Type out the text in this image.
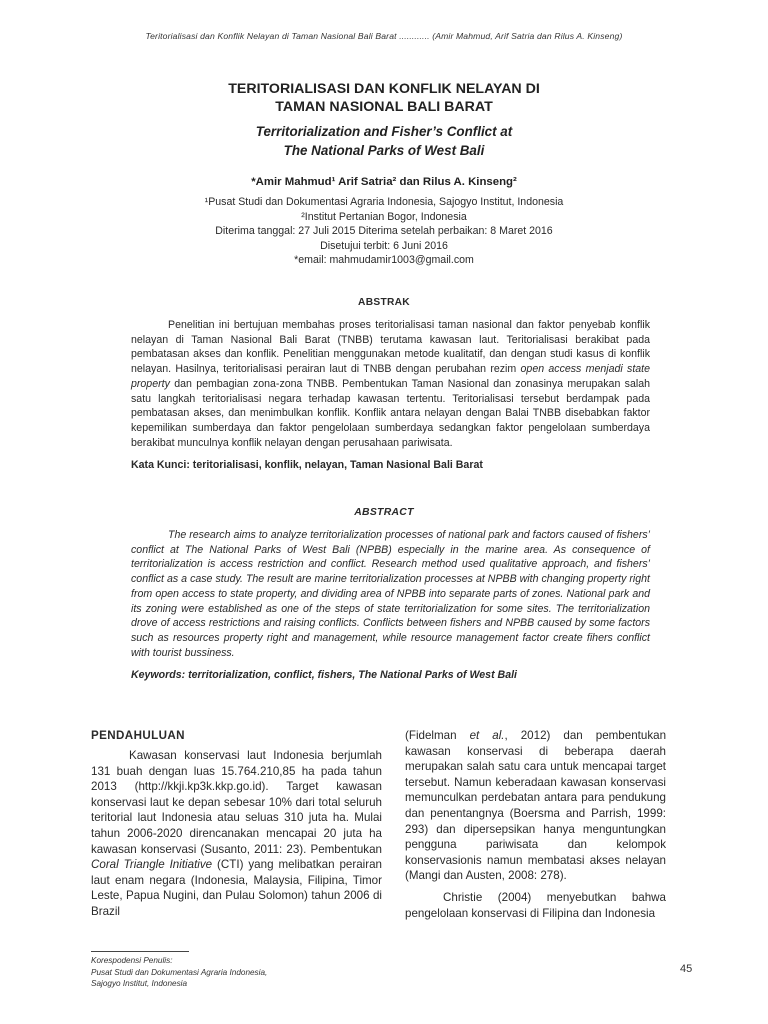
Teritorialisasi dan Konflik Nelayan di Taman Nasional Bali Barat ............ (Amir Mahmud, Arif Satria dan Rilus A. Kinseng)
TERITORIALISASI DAN KONFLIK NELAYAN DI
TAMAN NASIONAL BALI BARAT
Territorialization and Fisher’s Conflict at
The National Parks of West Bali
*Amir Mahmud¹ Arif Satria² dan Rilus A. Kinseng²
¹Pusat Studi dan Dokumentasi Agraria Indonesia, Sajogyo Institut, Indonesia
²Institut Pertanian Bogor, Indonesia
Diterima tanggal: 27 Juli 2015 Diterima setelah perbaikan: 8 Maret 2016
Disetujui terbit: 6 Juni 2016
*email: mahmudamir1003@gmail.com
ABSTRAK
Penelitian ini bertujuan membahas proses teritorialisasi taman nasional dan faktor penyebab konflik nelayan di Taman Nasional Bali Barat (TNBB) terutama kawasan laut. Teritorialisasi berakibat pada pembatasan akses dan konflik. Penelitian menggunakan metode kualitatif, dan dengan studi kasus di konflik nelayan. Hasilnya, teritorialisasi perairan laut di TNBB dengan perubahan rezim open access menjadi state property dan pembagian zona-zona TNBB. Pembentukan Taman Nasional dan zonasinya merupakan salah satu langkah teritorialisasi negara terhadap kawasan tertentu. Teritorialisasi tersebut berdampak pada pembatasan akses, dan menimbulkan konflik. Konflik antara nelayan dengan Balai TNBB disebabkan faktor kepemilikan sumberdaya dan faktor pengelolaan sumberdaya sedangkan faktor pengelolaan sumberdaya berakibat munculnya konflik nelayan dengan perusahaan pariwisata.
Kata Kunci: teritorialisasi, konflik, nelayan, Taman Nasional Bali Barat
ABSTRACT
The research aims to analyze territorialization processes of national park and factors caused of fishers’ conflict at The National Parks of West Bali (NPBB) especially in the marine area. As consequence of territorialization is access restriction and conflict. Research method used qualitative approach, and fishers’ conflict as a case study. The result are marine territorialization processes at NPBB with changing property right from open access to state property, and dividing area of NPBB into separate parts of zones. National park and its zoning were established as one of the steps of state territorialization for some sites. The territorialization drove of access restrictions and raising conflicts. Conflicts between fishers and NPBB caused by some factors such as resources property right and management, while resource management factor create fihers conflict with tourist bussiness.
Keywords: territorialization, conflict, fishers, The National Parks of West Bali
PENDAHULUAN

Kawasan konservasi laut Indonesia berjumlah 131 buah dengan luas 15.764.210,85 ha pada tahun 2013 (http://kkji.kp3k.kkp.go.id). Target kawasan konservasi laut ke depan sebesar 10% dari total seluruh teritorial laut Indonesia atau seluas 310 juta ha. Mulai tahun 2006-2020 direncanakan mencapai 20 juta ha kawasan konservasi (Susanto, 2011: 23). Pembentukan Coral Triangle Initiative (CTI) yang melibatkan perairan laut enam negara (Indonesia, Malaysia, Filipina, Timor Leste, Papua Nugini, dan Pulau Solomon) tahun 2006 di Brazil

(Fidelman et al., 2012) dan pembentukan kawasan konservasi di beberapa daerah merupakan salah satu cara untuk mencapai target tersebut. Namun keberadaan kawasan konservasi memunculkan perdebatan antara para pendukung dan penentangnya (Boersma and Parrish, 1999: 293) dan dipersepsikan hanya menguntungkan pengguna pariwisata dan kelompok konservasionis namun membatasi akses nelayan (Mangi dan Austen, 2008: 278).

Christie (2004) menyebutkan bahwa pengelolaan konservasi di Filipina dan Indonesia

Korespodensi Penulis:
Pusat Studi dan Dokumentasi Agraria Indonesia,
Sajogyo Institut, Indonesia
45
